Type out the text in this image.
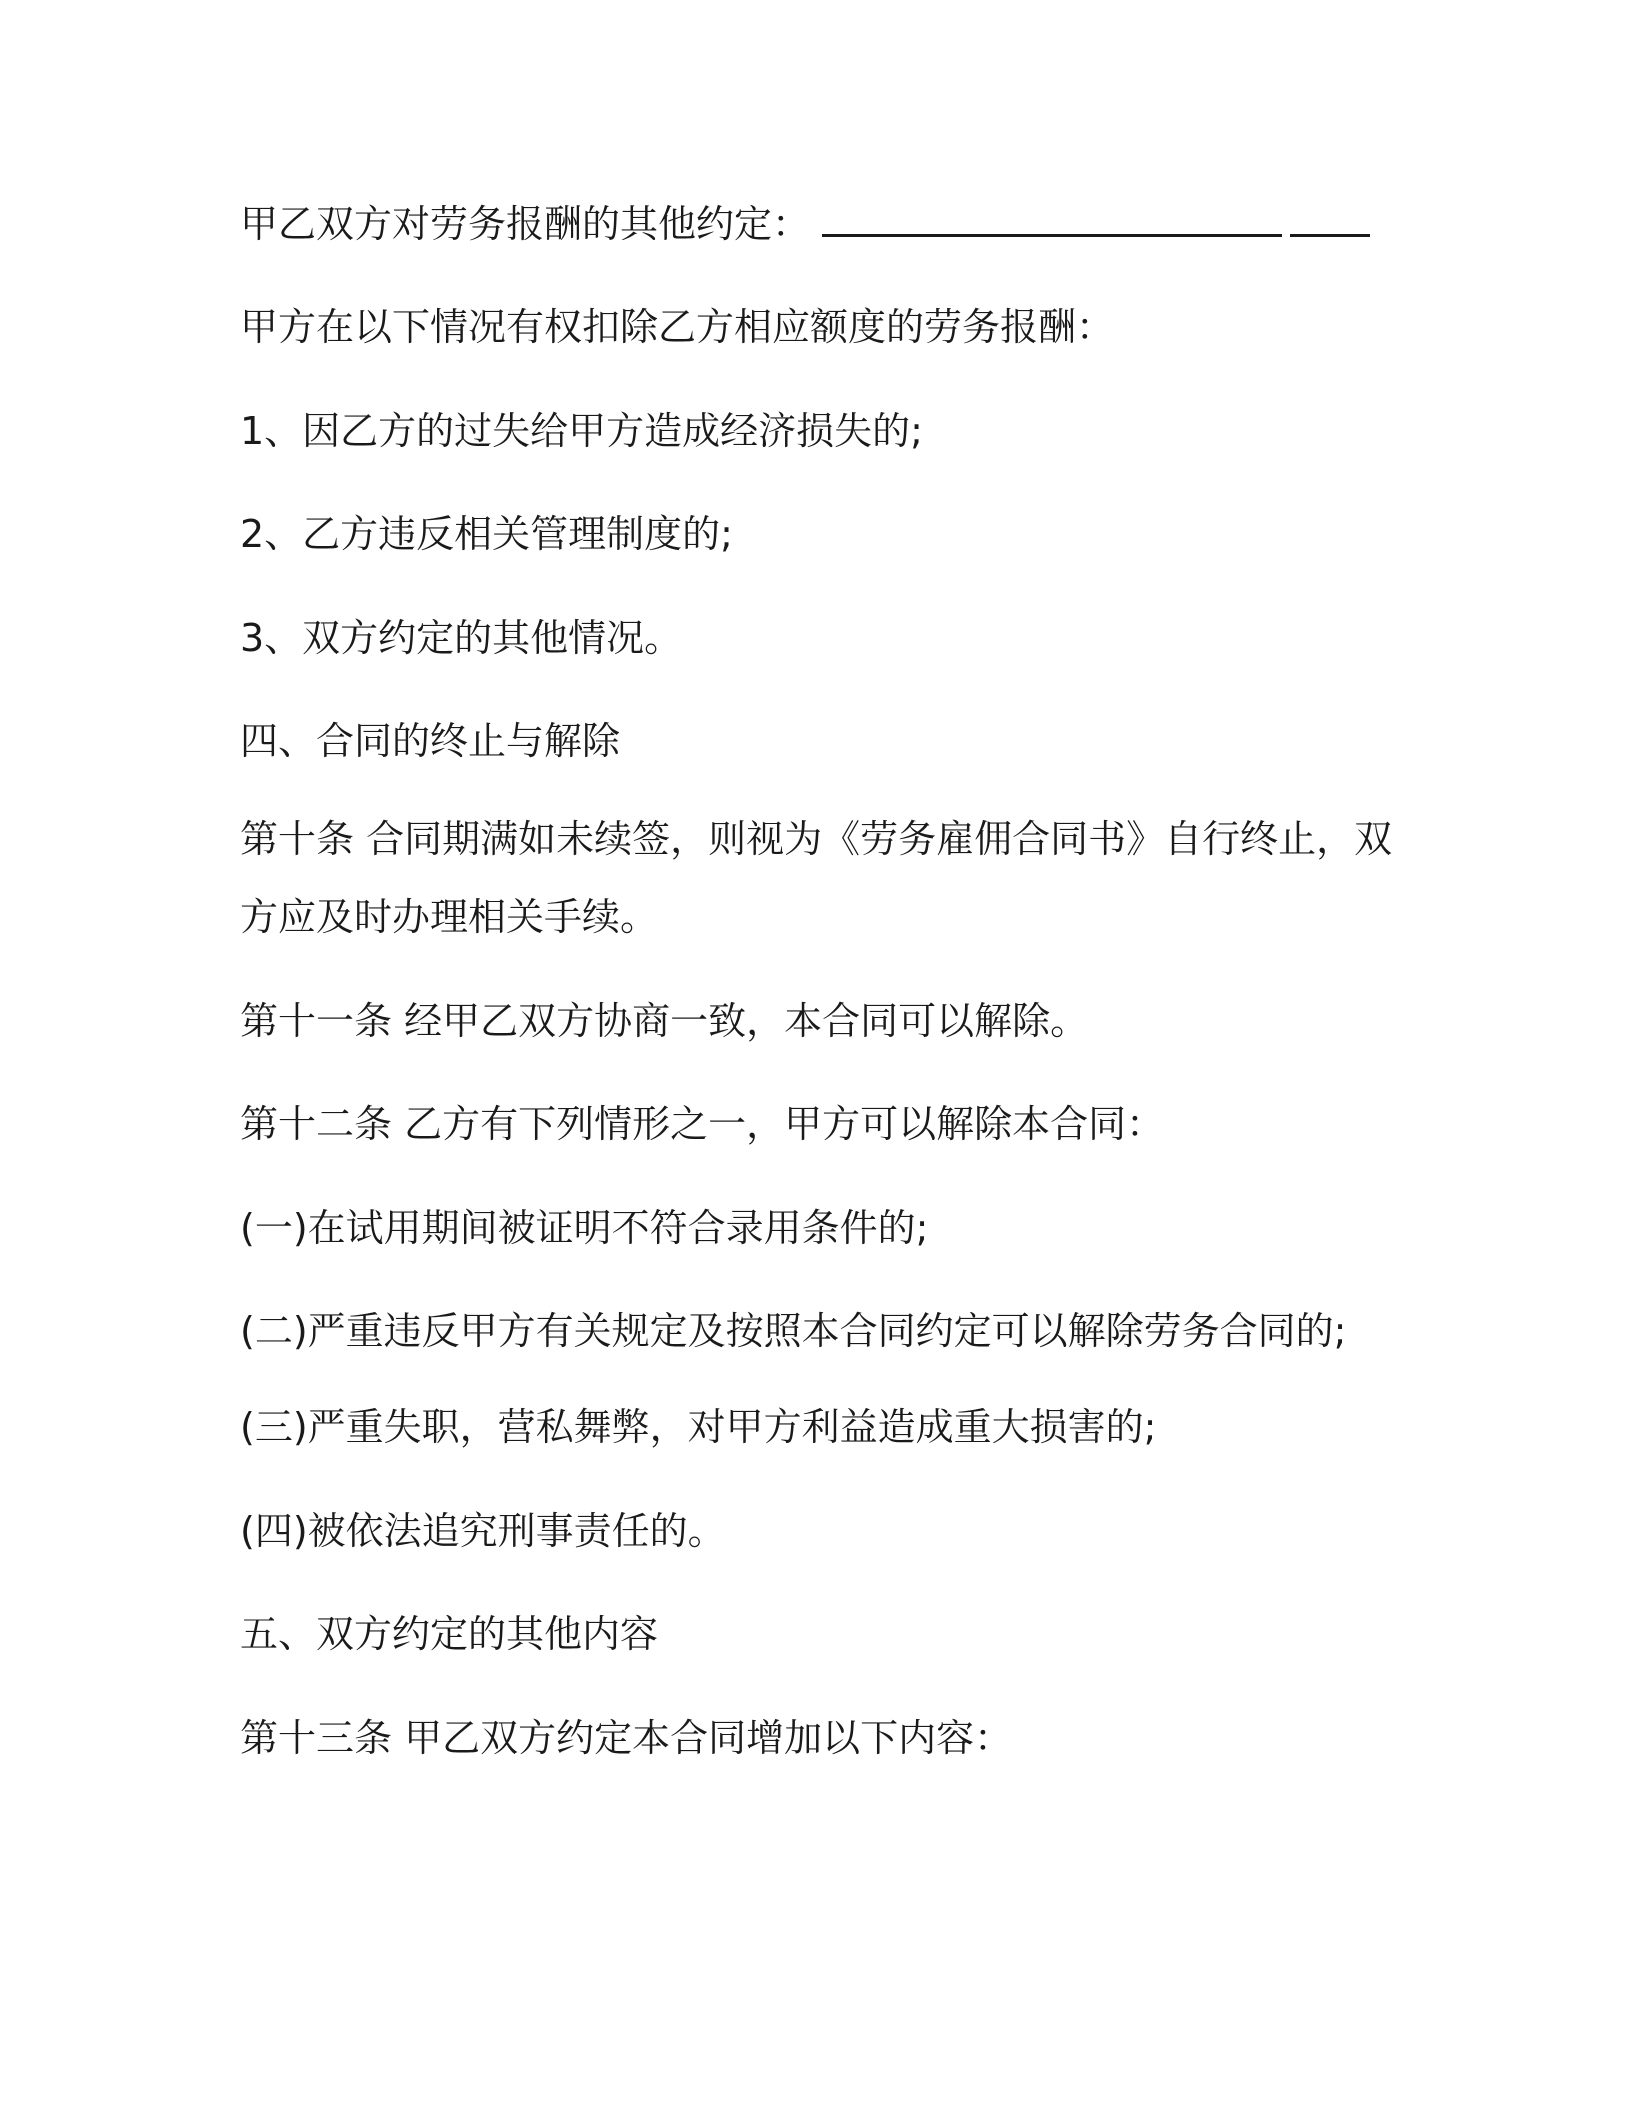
甲乙双方对劳务报酬的其他约定：

甲方在以下情况有权扣除乙方相应额度的劳务报酬：

1、因乙方的过失给甲方造成经济损失的;

2、乙方违反相关管理制度的;

3、双方约定的其他情况。

四、合同的终止与解除

第十条 合同期满如未续签，则视为《劳务雇佣合同书》自行终止，双方应及时办理相关手续。

第十一条 经甲乙双方协商一致，本合同可以解除。

第十二条 乙方有下列情形之一，甲方可以解除本合同：

(一)在试用期间被证明不符合录用条件的;

(二)严重违反甲方有关规定及按照本合同约定可以解除劳务合同的;

(三)严重失职，营私舞弊，对甲方利益造成重大损害的;

(四)被依法追究刑事责任的。

五、双方约定的其他内容

第十三条 甲乙双方约定本合同增加以下内容：
